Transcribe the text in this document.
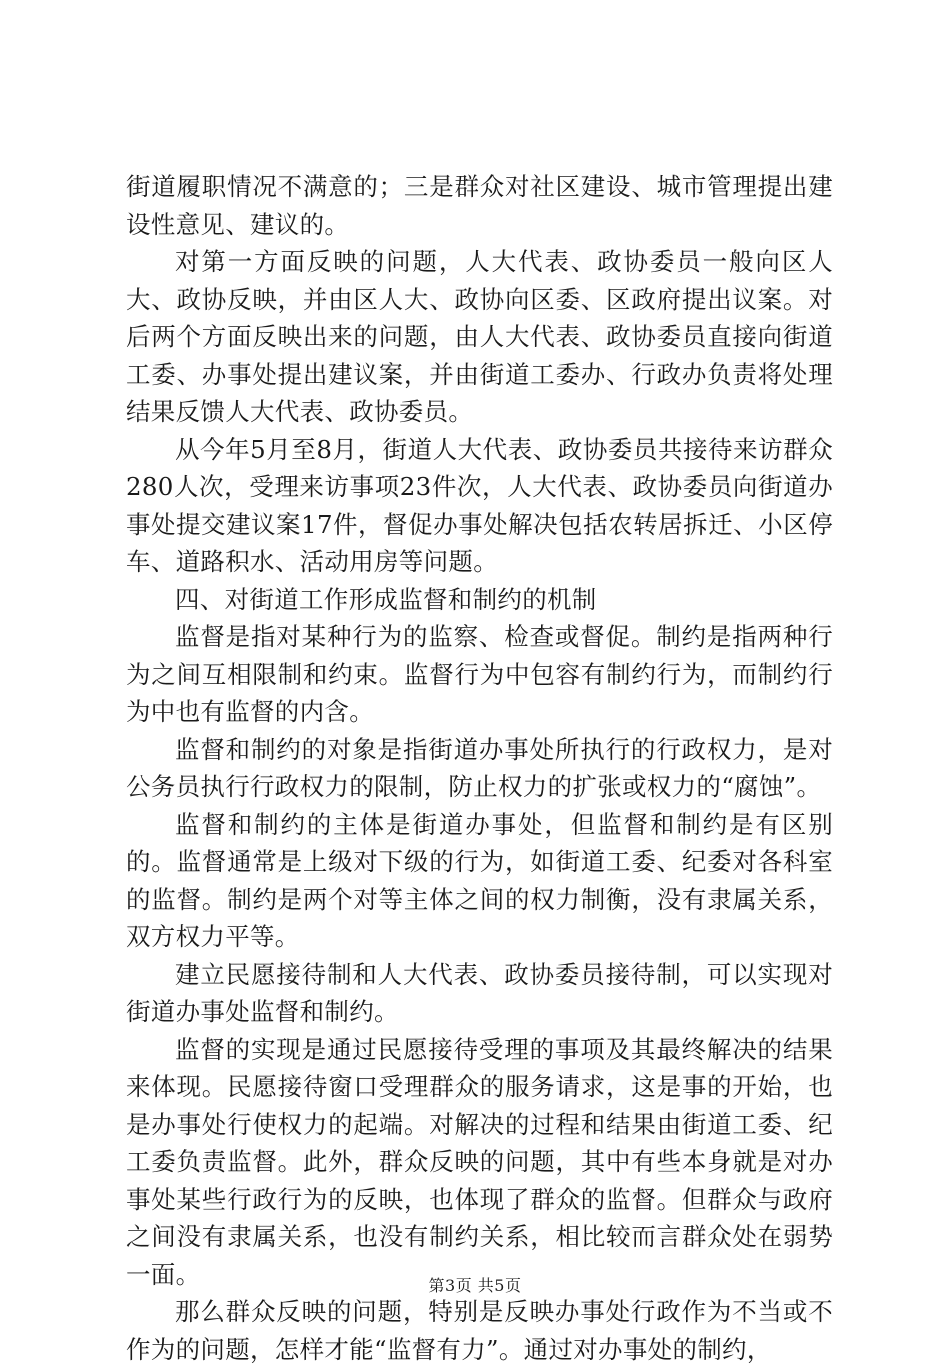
街道履职情况不满意的；三是群众对社区建设、城市管理提出建设性意见、建议的。

对第一方面反映的问题，人大代表、政协委员一般向区人大、政协反映，并由区人大、政协向区委、区政府提出议案。对后两个方面反映出来的问题，由人大代表、政协委员直接向街道工委、办事处提出建议案，并由街道工委办、行政办负责将处理结果反馈人大代表、政协委员。

从今年5月至8月，街道人大代表、政协委员共接待来访群众280人次，受理来访事项23件次，人大代表、政协委员向街道办事处提交建议案17件，督促办事处解决包括农转居拆迁、小区停车、道路积水、活动用房等问题。

四、对街道工作形成监督和制约的机制

监督是指对某种行为的监察、检查或督促。制约是指两种行为之间互相限制和约束。监督行为中包容有制约行为，而制约行为中也有监督的内含。

监督和制约的对象是指街道办事处所执行的行政权力，是对公务员执行行政权力的限制，防止权力的扩张或权力的“腐蚀”。

监督和制约的主体是街道办事处，但监督和制约是有区别的。监督通常是上级对下级的行为，如街道工委、纪委对各科室的监督。制约是两个对等主体之间的权力制衡，没有隶属关系，双方权力平等。

建立民愿接待制和人大代表、政协委员接待制，可以实现对街道办事处监督和制约。

监督的实现是通过民愿接待受理的事项及其最终解决的结果来体现。民愿接待窗口受理群众的服务请求，这是事的开始，也是办事处行使权力的起端。对解决的过程和结果由街道工委、纪工委负责监督。此外，群众反映的问题，其中有些本身就是对办事处某些行政行为的反映，也体现了群众的监督。但群众与政府之间没有隶属关系，也没有制约关系，相比较而言群众处在弱势一面。

那么群众反映的问题，特别是反映办事处行政作为不当或不作为的问题，怎样才能“监督有力”。通过对办事处的制约，

第3页 共5页
